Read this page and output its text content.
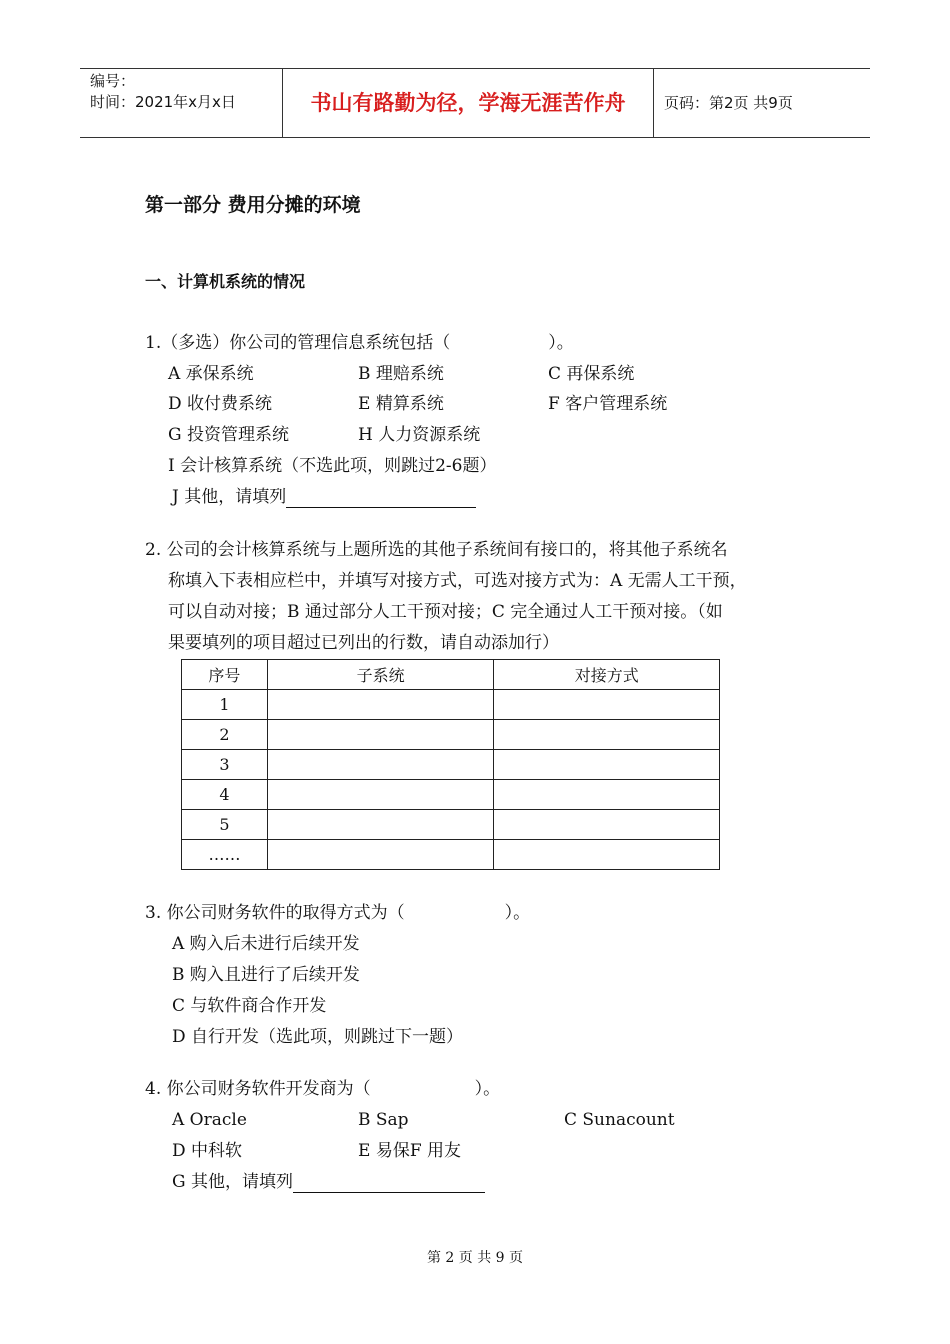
编号：
时间：2021年x月x日	书山有路勤为径，学海无涯苦作舟	页码：第2页 共9页
第一部分 费用分摊的环境
一、计算机系统的情况
1.（多选）你公司的管理信息系统包括（	）。
A 承保系统	B 理赔系统	C 再保系统
D 收付费系统	E 精算系统	F 客户管理系统
G 投资管理系统	H 人力资源系统
I 会计核算系统（不选此项，则跳过2-6题）
J 其他，请填列
2. 公司的会计核算系统与上题所选的其他子系统间有接口的，将其他子系统名
称填入下表相应栏中，并填写对接方式，可选对接方式为：A 无需人工干预，
可以自动对接；B 通过部分人工干预对接；C 完全通过人工干预对接。（如
果要填列的项目超过已列出的行数，请自动添加行）
序号	子系统	对接方式
1		
2		
3		
4		
5		
……		
3. 你公司财务软件的取得方式为（	）。
A 购入后未进行后续开发
B 购入且进行了后续开发
C 与软件商合作开发
D 自行开发（选此项，则跳过下一题）
4. 你公司财务软件开发商为（	）。
A Oracle	B Sap	C Sunacount
D 中科软	E 易保F 用友
G 其他，请填列
第 2 页 共 9 页
